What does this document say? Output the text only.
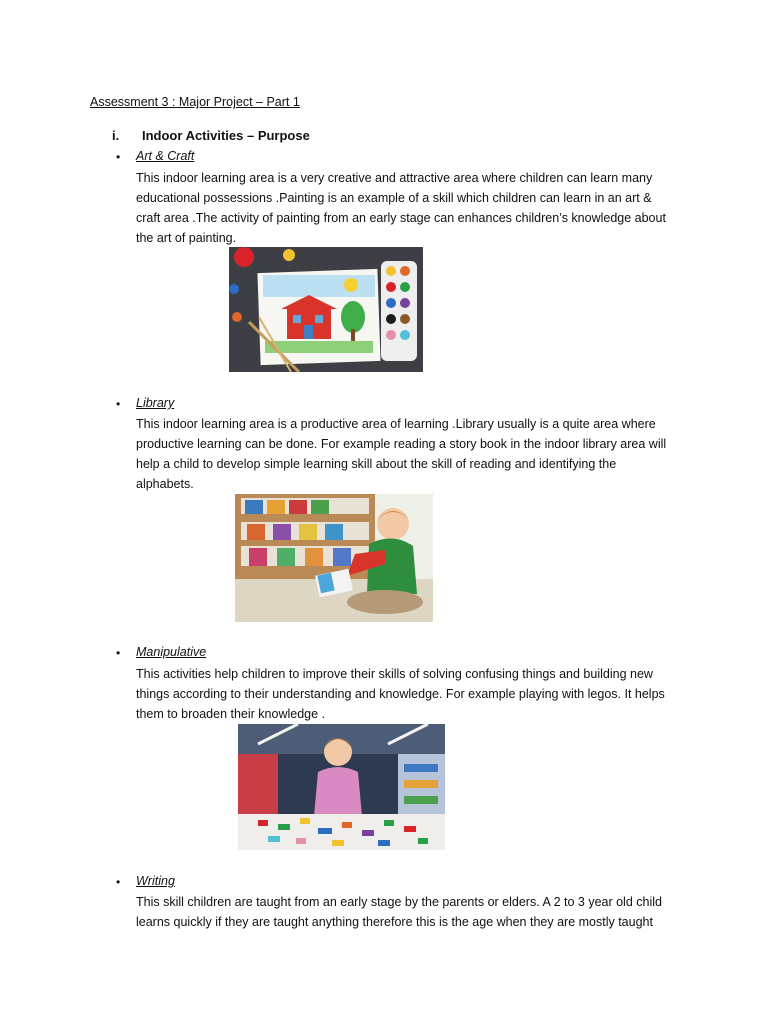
Assessment 3 : Major Project – Part 1
i.	Indoor Activities – Purpose
• Art & Craft
This indoor learning area is a very creative and attractive area where children can learn many
educational possessions .Painting is an example of a skill which children can learn in an art &
craft area .The activity of painting from an early stage can enhances children’s knowledge about
the art of painting.
• Library
This indoor learning area is a productive area of learning .Library usually is a quite area where
productive learning can be done. For example reading a story book in the indoor library area will
help a child to develop simple learning skill about the skill of reading and identifying the
alphabets.
• Manipulative
This activities help children to improve their skills of solving confusing things and building new
things according to their understanding and knowledge. For example playing with legos. It helps
them to broaden their knowledge .
• Writing
This skill children are taught from an early stage by the parents or elders. A 2 to 3 year old child
learns quickly if they are taught anything therefore this is the age when they are mostly taught
